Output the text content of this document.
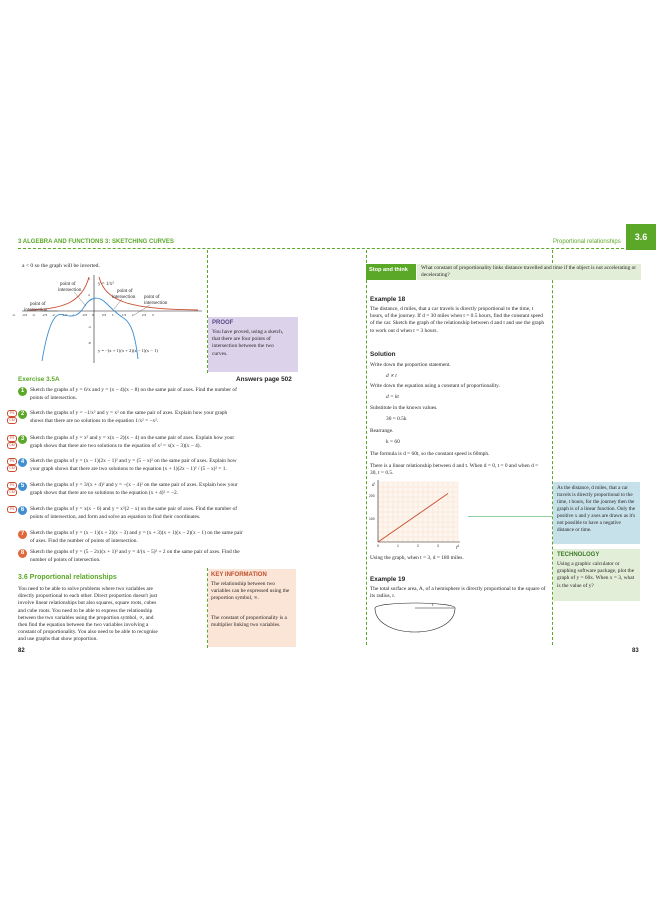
3.6
3 ALGEBRA AND FUNCTIONS 3: SKETCHING CURVES	Proportional relationships
a < 0 so the graph will be inverted.
-4 -3.5 -3 -2.5 -2 -1.5 -1 -0.5 0	0.5 1	1.5 2	2.5 3
-8
-4
4
8
point of
intersection
point of
intersection
point of
intersection point of
intersection
y = 1/x²
y = −(x + 1)(x + 2)(x − 1)(x − 1)
PROOF
You have proved, using a sketch, that there are four points of intersection between the two curves.
Exercise 3.5A	Answers page 502
1	Sketch the graphs of y = 6/x and y = (x − 4)(x − 8) on the same pair of axes. Find the number of
points of intersection.
2
PS
CM
Sketch the graphs of y = −1/x² and y = x² on the same pair of axes. Explain how your graph
shows that there are no solutions to the equation 1/x² = −x².
3
PS
CM
Sketch the graphs of y = x² and y = x(x − 2)(x − 4) on the same pair of axes. Explain how your
graph shows that there are two solutions to the equation of x² = x(x − 3)(x − 4).
4
PS
CM
Sketch the graphs of y = (x − 1)(2x − 1)² and y = (5 − x)² on the same pair of axes. Explain how
your graph shows that there are two solutions to the equation (x + 1)(2x − 1)² / (5 − x)² = 1.
5
PS
CM
Sketch the graphs of y = 3/(x + 4)² and y = −(x − 4)² on the same pair of axes. Explain how your
graph shows that there are no solutions to the equation (x + 4)² = −2.
6
PS	Sketch the graphs of y = x(x − 6) and y = x²(2 − x) on the same pair of axes. Find the number of
points of intersection, and form and solve an equation to find their coordinates.
7	Sketch the graphs of y = (x − 1)(x + 2)(x − 3) and y = (x + 3)(x + 1)(x − 2)(x − 1) on the same pair
of axes. Find the number of points of intersection.
8	Sketch the graphs of y = (5 − 2x)(x + 1)² and y = 4/(x − 5)² + 2 on the same pair of axes. Find the
number of points of intersection.
3.6 Proportional relationships
You need to be able to solve problems where two variables are
directly proportional to each other. Direct proportion doesn't just
involve linear relationships but also squares, square roots, cubes
and cube roots. You need to be able to express the relationship
between the two variables using the proportion symbol, ∝, and
then find the equation between the two variables involving a
constant of proportionality. You also need to be able to recognise
and use graphs that show proportion.
KEY INFORMATION
The relationship between two variables can be expressed using the proportion symbol, ∝.
The constant of proportionality is a multiplier linking two variables.
82
Stop and think	What constant of proportionality links distance travelled and time if the object is not accelerating or decelerating?
Example 18
The distance, d miles, that a car travels is directly proportional to the time, t hours, of the journey. If d = 30 miles when t = 0.5 hours, find the constant speed of the car. Sketch the graph of the relationship between d and t and use the graph to work out d when t = 3 hours.
Solution
Write down the proportion statement.
d ∝ t
Write down the equation using a constant of proportionality.
d = kt
Substitute in the known values.
30 = 0.5k
Rearrange.
k = 60
The formula is d = 60t, so the constant speed is 60mph.
There is a linear relationship between d and t. When d = 0, t = 0 and when d = 30, t = 0.5.
d
t
0	1	2	3	4
100
200
Using the graph, when t = 3, d = 180 miles.
As the distance, d miles, that a car travels is directly proportional to the time, t hours, for the journey then the graph is of a linear function. Only the positive x and y axes are drawn as it's not possible to have a negative distance or time.
TECHNOLOGY
Using a graphic calculator or graphing software package, plot the graph of y = 60x. When x = 3, what is the value of y?
Example 19
The total surface area, A, of a hemisphere is directly proportional to the square of its radius, r.
r
83
